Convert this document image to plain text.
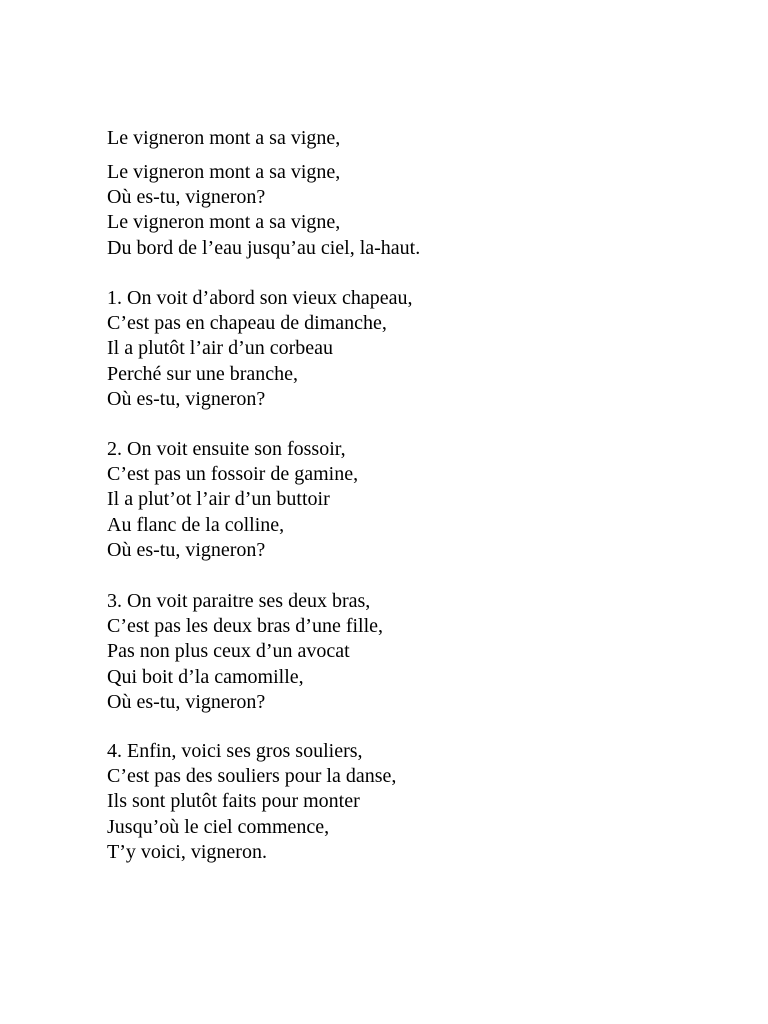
Le vigneron mont a sa vigne,
Le vigneron mont a sa vigne,
Où es-tu, vigneron?
Le vigneron mont a sa vigne,
Du bord de l’eau jusqu’au ciel, la-haut.
1. On voit d’abord son vieux chapeau,
C’est pas en chapeau de dimanche,
Il a plutôt l’air d’un corbeau
Perché sur une branche,
Où es-tu, vigneron?
2. On voit ensuite son fossoir,
C’est pas un fossoir de gamine,
Il a plut’ot l’air d’un buttoir
Au flanc de la colline,
Où es-tu, vigneron?
3. On voit paraitre ses deux bras,
C’est pas les deux bras d’une fille,
Pas non plus ceux d’un avocat
Qui boit d’la camomille,
Où es-tu, vigneron?
4. Enfin, voici ses gros souliers,
C’est pas des souliers pour la danse,
Ils sont plutôt faits pour monter
Jusqu’où le ciel commence,
T’y voici, vigneron.
